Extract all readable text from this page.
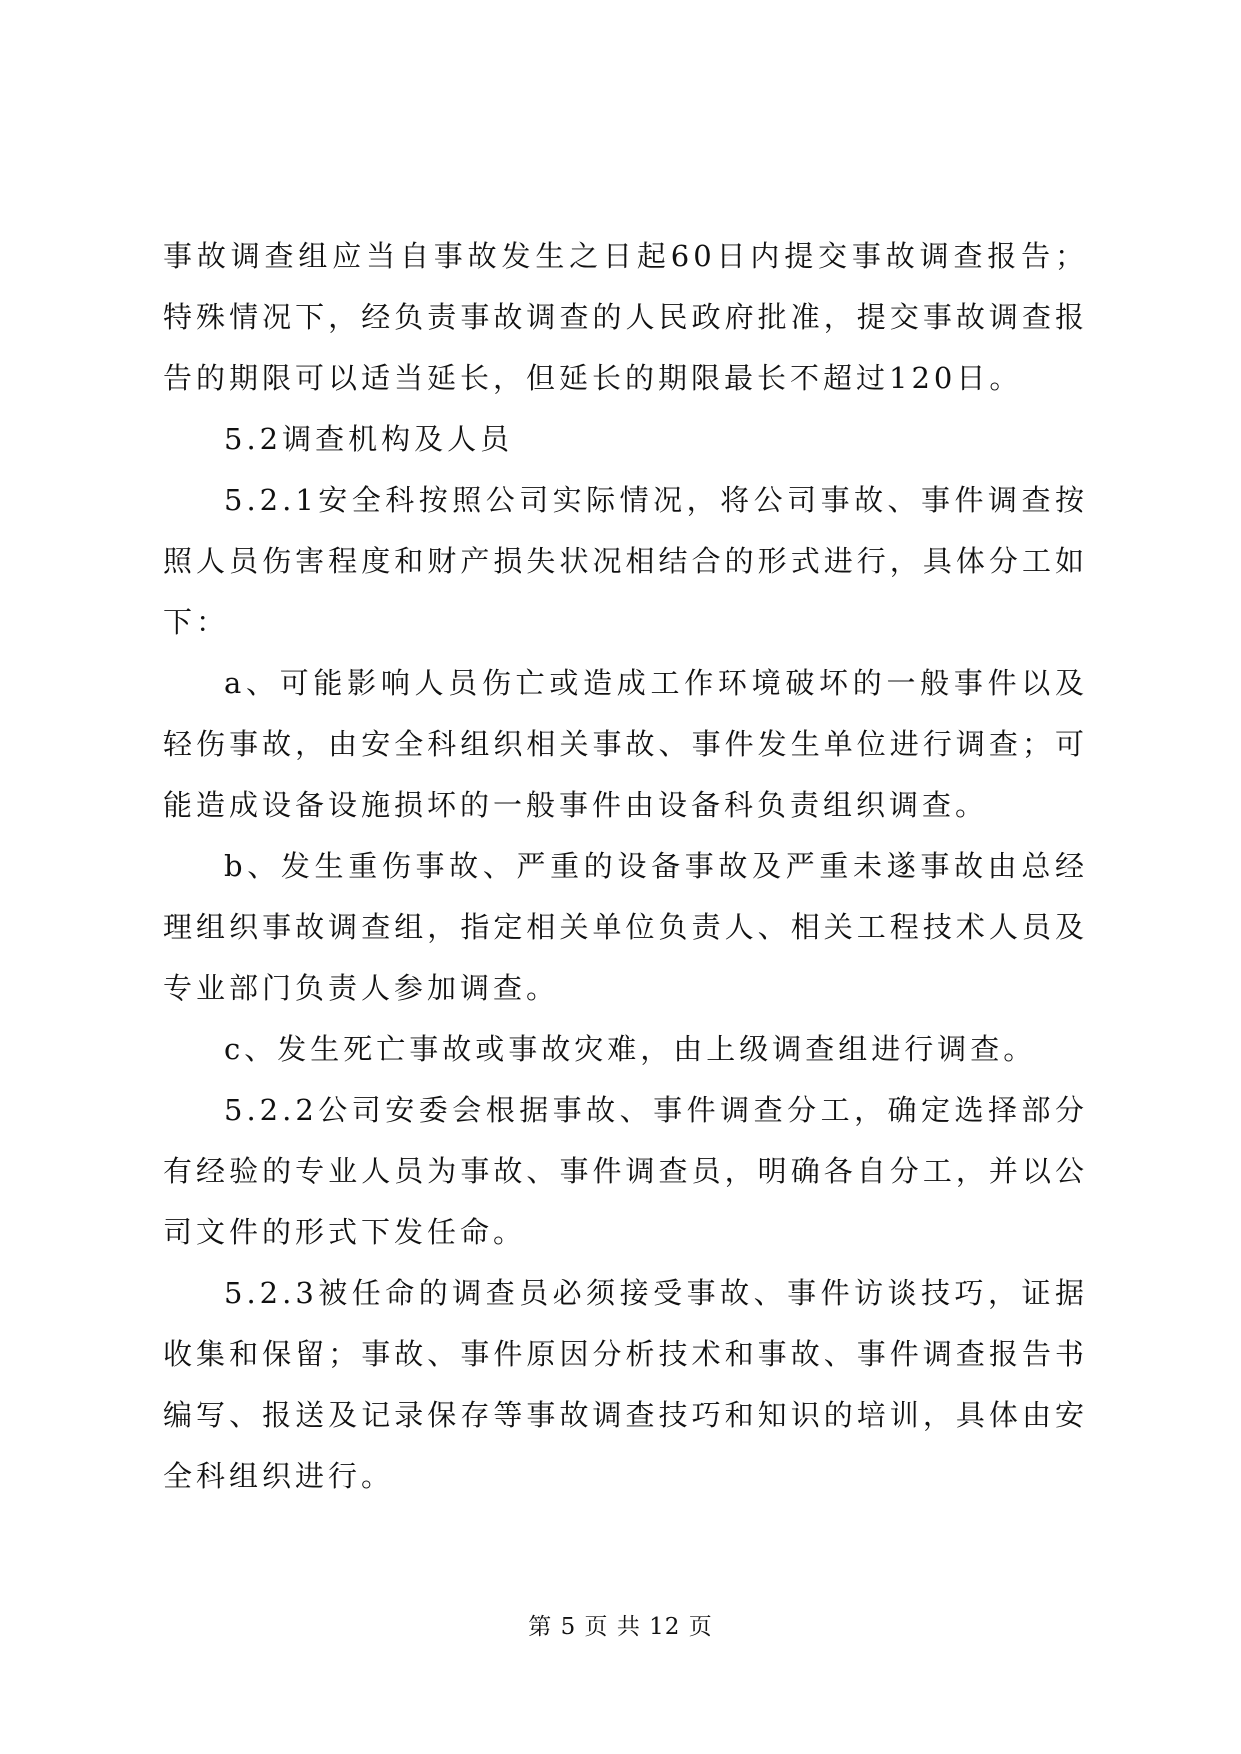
事故调查组应当自事故发生之日起60日内提交事故调查报告；特殊情况下，经负责事故调查的人民政府批准，提交事故调查报告的期限可以适当延长，但延长的期限最长不超过120日。

5.2调查机构及人员

5.2.1安全科按照公司实际情况，将公司事故、事件调查按照人员伤害程度和财产损失状况相结合的形式进行，具体分工如下：

a、可能影响人员伤亡或造成工作环境破坏的一般事件以及轻伤事故，由安全科组织相关事故、事件发生单位进行调查；可能造成设备设施损坏的一般事件由设备科负责组织调查。

b、发生重伤事故、严重的设备事故及严重未遂事故由总经理组织事故调查组，指定相关单位负责人、相关工程技术人员及专业部门负责人参加调查。

c、发生死亡事故或事故灾难，由上级调查组进行调查。

5.2.2公司安委会根据事故、事件调查分工，确定选择部分有经验的专业人员为事故、事件调查员，明确各自分工，并以公司文件的形式下发任命。

5.2.3被任命的调查员必须接受事故、事件访谈技巧，证据收集和保留；事故、事件原因分析技术和事故、事件调查报告书编写、报送及记录保存等事故调查技巧和知识的培训，具体由安全科组织进行。

第 5 页 共 12 页
